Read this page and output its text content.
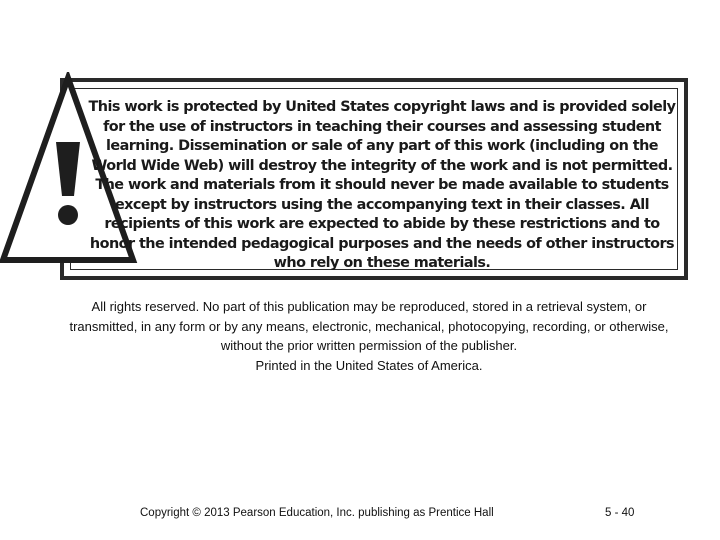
This work is protected by United States copyright laws and is provided solely for the use of instructors in teaching their courses and assessing student learning. Dissemination or sale of any part of this work (including on the World Wide Web) will destroy the integrity of the work and is not permitted. The work and materials from it should never be made available to students except by instructors using the accompanying text in their classes. All recipients of this work are expected to abide by these restrictions and to honor the intended pedagogical purposes and the needs of other instructors who rely on these materials.

All rights reserved. No part of this publication may be reproduced, stored in a retrieval system, or transmitted, in any form or by any means, electronic, mechanical, photocopying, recording, or otherwise, without the prior written permission of the publisher.
Printed in the United States of America.

Copyright © 2013 Pearson Education, Inc. publishing as Prentice Hall	5 - 40
